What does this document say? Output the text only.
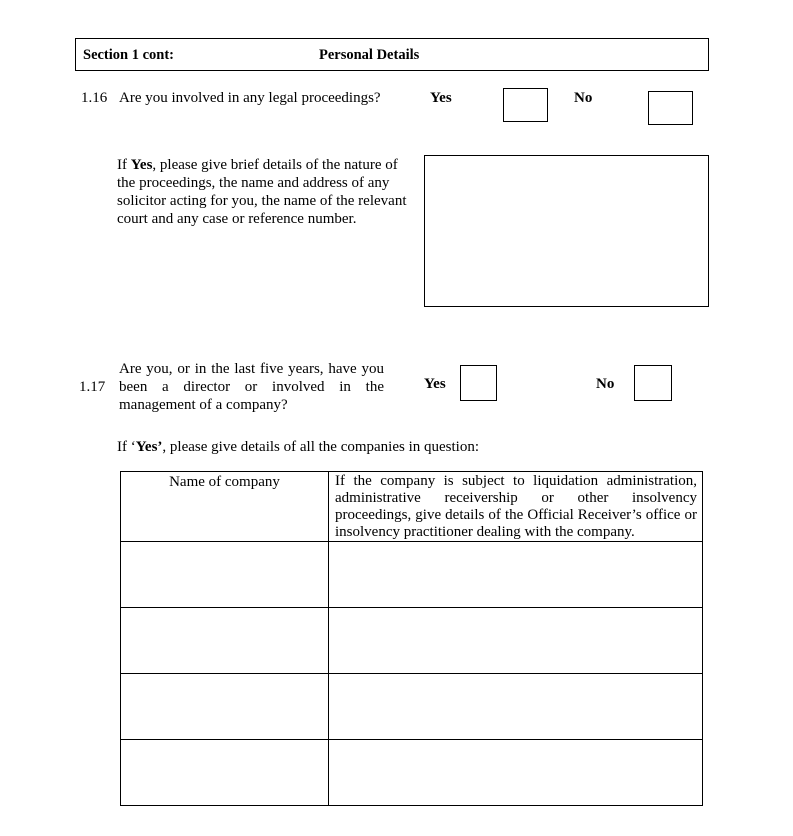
Section 1 cont:	Personal Details
1.16 Are you involved in any legal proceedings?	Yes	No
If Yes, please give brief details of the nature of the proceedings, the name and address of any solicitor acting for you, the name of the relevant court and any case or reference number.
1.17
Are you, or in the last five years, have you been a director or involved in the management of a company?
Yes	No
If ‘Yes’, please give details of all the companies in question:
Name of company	If the company is subject to liquidation administration, administrative receivership or other insolvency proceedings, give details of the Official Receiver’s office or insolvency practitioner dealing with the company.
